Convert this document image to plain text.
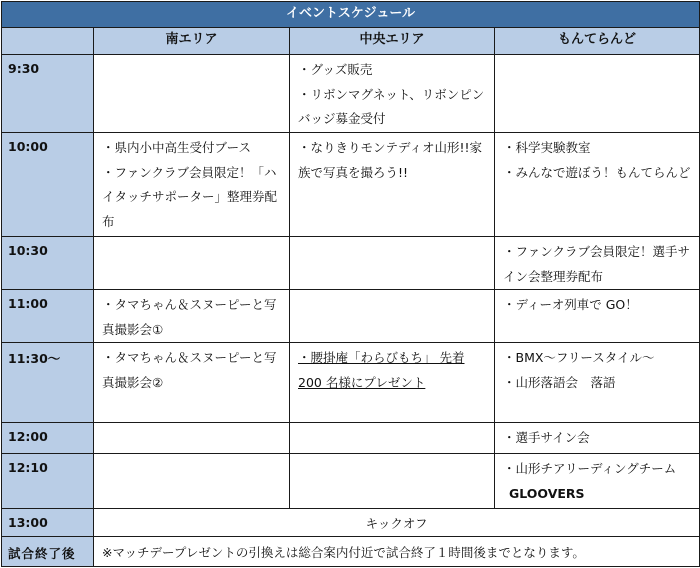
イベントスケジュール			
	南エリア	中央エリア	もんてらんど
9:30		・グッズ販売
・リボンマグネット、リボンピンバッジ募金受付	

10:00	・県内小中高生受付ブース
・ファンクラブ会員限定！「ハイタッチサポーター」整理券配布	・なりきりモンテディオ山形!!家族で写真を撮ろう!!	・科学実験教室
・みんなで遊ぼう！もんてらんど

10:30			・ファンクラブ会員限定！選手サイン会整理券配布

11:00	・タマちゃん＆スヌーピーと写真撮影会①		・ディーオ列車で GO！

11:30～	・タマちゃん＆スヌーピーと写真撮影会②	・腰掛庵「わらびもち」 先着 200 名様にプレゼント	・BMX～フリースタイル～
・山形落語会　落語

12:00			・選手サイン会

12:10			・山形チアリーディングチーム
GLOOVERS

13:00	キックオフ		
試合終了後	※マッチデープレゼントの引換えは総合案内付近で試合終了１時間後までとなります。		
